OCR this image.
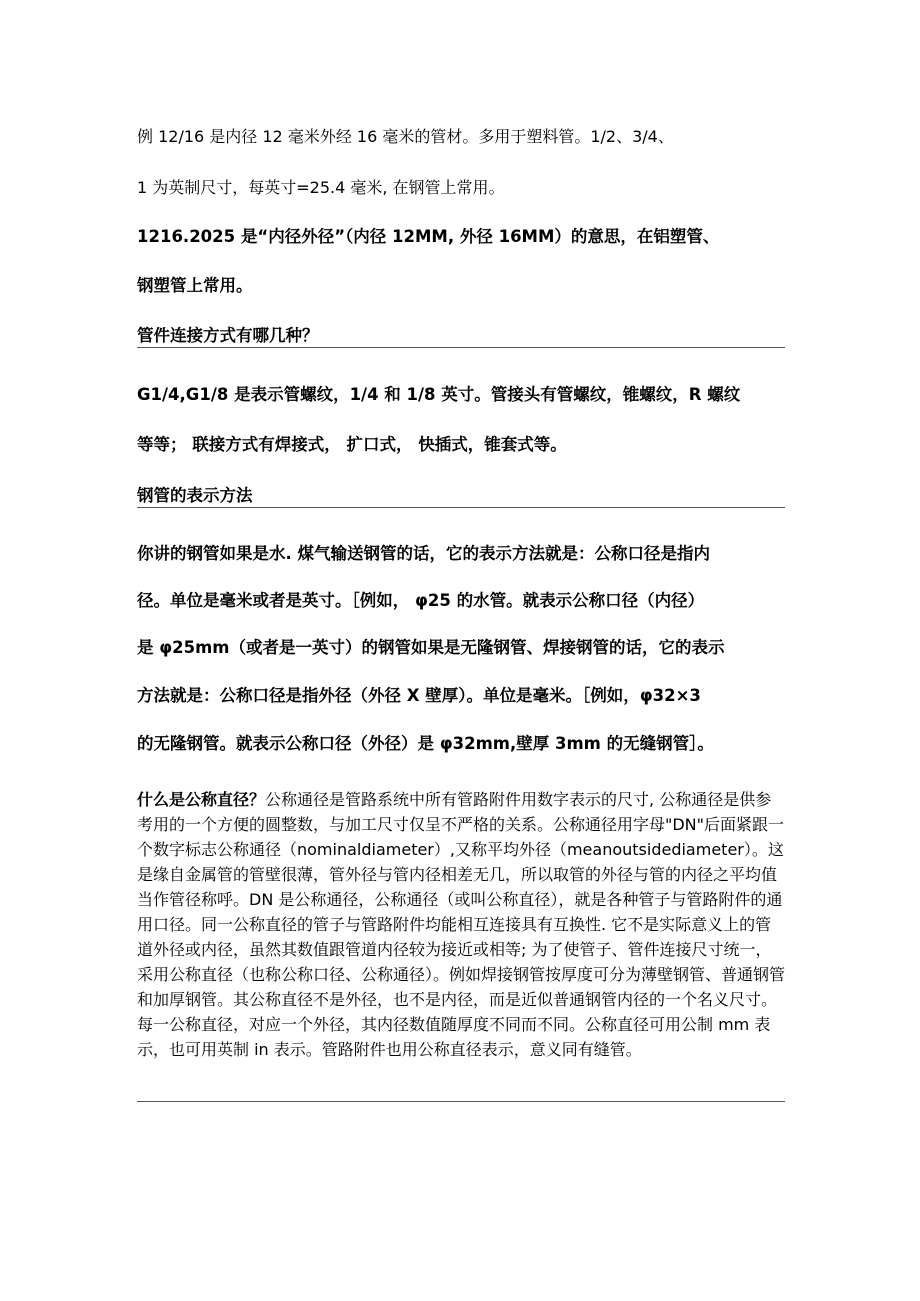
例 12/16 是内径 12 毫米外经 16 毫米的管材。多用于塑料管。1/2、3/4、

1 为英制尺寸，每英寸=25.4 毫米, 在钢管上常用。

1216.2025 是“内径外径”（内径 12MM, 外径 16MM）的意思，在铝塑管、

钢塑管上常用。

管件连接方式有哪几种？

G1/4,G1/8 是表示管螺纹，1/4 和 1/8 英寸。管接头有管螺纹，锥螺纹，R 螺纹

等等； 联接方式有焊接式， 扩口式， 快插式，锥套式等。

钢管的表示方法

你讲的钢管如果是水. 煤气输送钢管的话，它的表示方法就是：公称口径是指内

径。单位是毫米或者是英寸。［例如， φ25 的水管。就表示公称口径（内径）

是 φ25mm（或者是一英寸）的钢管如果是无隆钢管、焊接钢管的话，它的表示

方法就是：公称口径是指外径（外径 X 壁厚）。单位是毫米。［例如，φ32×3

的无隆钢管。就表示公称口径（外径）是 φ32mm,壁厚 3mm 的无缝钢管］。

什么是公称直径？公称通径是管路系统中所有管路附件用数字表示的尺寸, 公称通径是供参考用的一个方便的圆整数，与加工尺寸仅呈不严格的关系。公称通径用字母"DN"后面紧跟一个数字标志公称通径（nominaldiameter）,又称平均外径（meanoutsidediameter）。这是缘自金属管的管壁很薄，管外径与管内径相差无几，所以取管的外径与管的内径之平均值当作管径称呼。DN 是公称通径，公称通径（或叫公称直径），就是各种管子与管路附件的通用口径。同一公称直径的管子与管路附件均能相互连接具有互换性. 它不是实际意义上的管道外径或内径，虽然其数值跟管道内径较为接近或相等; 为了使管子、管件连接尺寸统一，采用公称直径（也称公称口径、公称通径）。例如焊接钢管按厚度可分为薄壁钢管、普通钢管和加厚钢管。其公称直径不是外径，也不是内径，而是近似普通钢管内径的一个名义尺寸。每一公称直径，对应一个外径，其内径数值随厚度不同而不同。公称直径可用公制 mm 表示，也可用英制 in 表示。管路附件也用公称直径表示，意义同有缝管。
